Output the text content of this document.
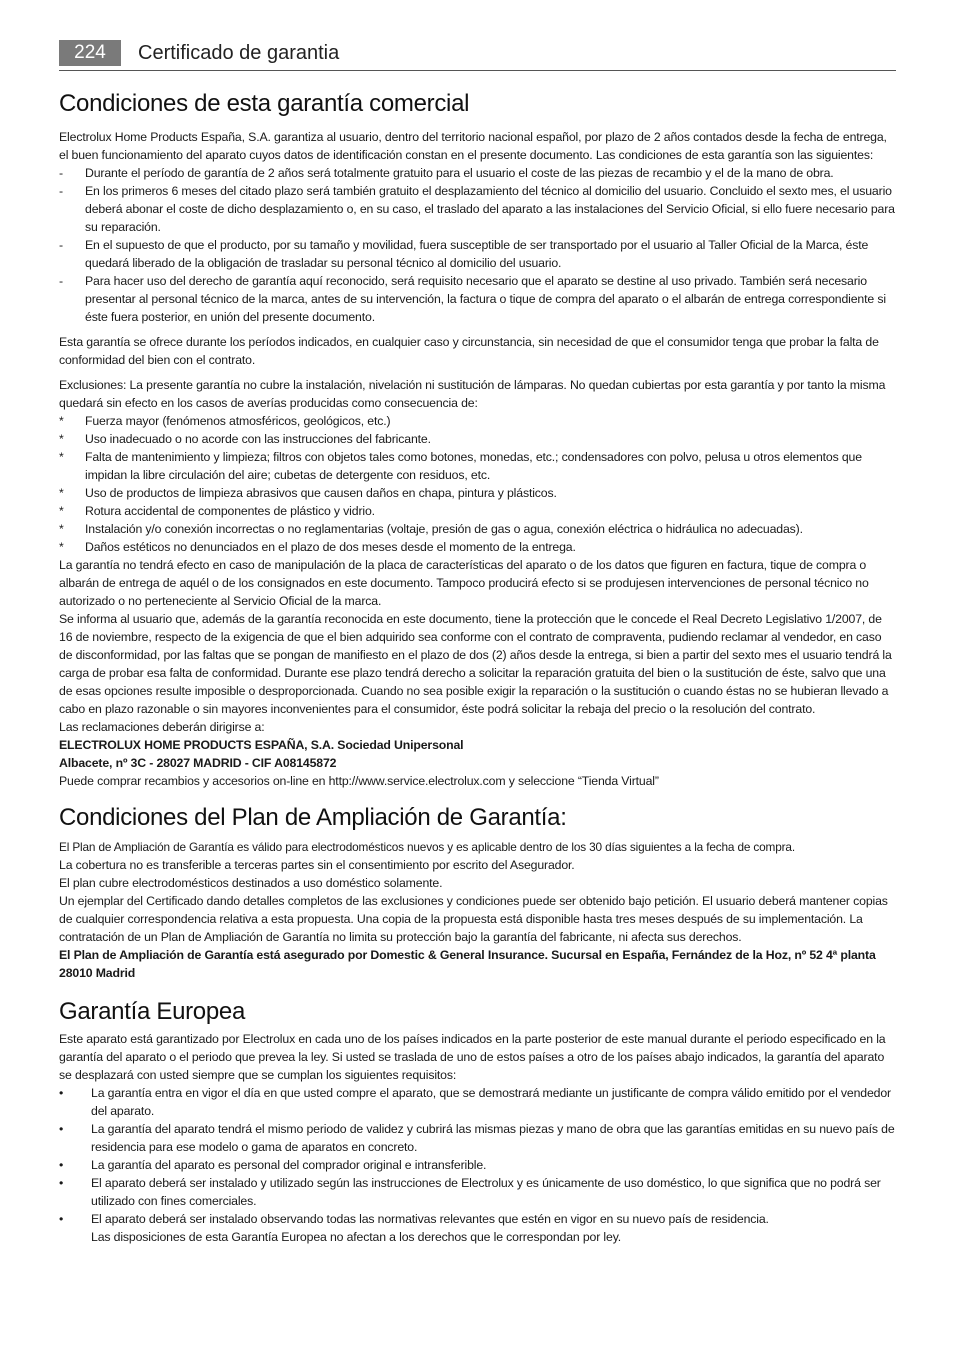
224	Certificado de garantia
Condiciones de esta garantía comercial

Electrolux Home Products España, S.A. garantiza al usuario, dentro del territorio nacional español, por plazo de 2 años contados desde la fecha de entrega, el buen funcionamiento del aparato cuyos datos de identificación constan en el presente documento. Las condiciones de esta garantía son las siguientes:

-	Durante el período de garantía de 2 años será totalmente gratuito para el usuario el coste de las piezas de recambio y el de la mano de obra.
-	En los primeros 6 meses del citado plazo será también gratuito el desplazamiento del técnico al domicilio del usuario. Concluido el sexto mes, el usuario deberá abonar el coste de dicho desplazamiento o, en su caso, el traslado del aparato a las instalaciones del Servicio Oficial, si ello fuere necesario para su reparación.
-	En el supuesto de que el producto, por su tamaño y movilidad, fuera susceptible de ser transportado por el usuario al Taller Oficial de la Marca, éste quedará liberado de la obligación de trasladar su personal técnico al domicilio del usuario.
-	Para hacer uso del derecho de garantía aquí reconocido, será requisito necesario que el aparato se destine al uso privado. También será necesario presentar al personal técnico de la marca, antes de su intervención, la factura o tique de compra del aparato o el albarán de entrega correspondiente si éste fuera posterior, en unión del presente documento.

Esta garantía se ofrece durante los períodos indicados, en cualquier caso y circunstancia, sin necesidad de que el consumidor tenga que probar la falta de conformidad del bien con el contrato.

Exclusiones: La presente garantía no cubre la instalación, nivelación ni sustitución de lámparas. No quedan cubiertas por esta garantía y por tanto la misma quedará sin efecto en los casos de averías producidas como consecuencia de:

*	Fuerza mayor (fenómenos atmosféricos, geológicos, etc.)
*	Uso inadecuado o no acorde con las instrucciones del fabricante.
*	Falta de mantenimiento y limpieza; filtros con objetos tales como botones, monedas, etc.; condensadores con polvo, pelusa u otros elementos que impidan la libre circulación del aire; cubetas de detergente con residuos, etc.
*	Uso de productos de limpieza abrasivos que causen daños en chapa, pintura y plásticos.
*	Rotura accidental de componentes de plástico y vidrio.
*	Instalación y/o conexión incorrectas o no reglamentarias (voltaje, presión de gas o agua, conexión eléctrica o hidráulica no adecuadas).
*	Daños estéticos no denunciados en el plazo de dos meses desde el momento de la entrega.

La garantía no tendrá efecto en caso de manipulación de la placa de características del aparato o de los datos que figuren en factura, tique de compra o albarán de entrega de aquél o de los consignados en este documento. Tampoco producirá efecto si se produjesen intervenciones de personal técnico no autorizado o no perteneciente al Servicio Oficial de la marca.

Se informa al usuario que, además de la garantía reconocida en este documento, tiene la protección que le concede el Real Decreto Legislativo 1/2007, de 16 de noviembre, respecto de la exigencia de que el bien adquirido sea conforme con el contrato de compraventa, pudiendo reclamar al vendedor, en caso de disconformidad, por las faltas que se pongan de manifiesto en el plazo de dos (2) años desde la entrega, si bien a partir del sexto mes el usuario tendrá la carga de probar esa falta de conformidad. Durante ese plazo tendrá derecho a solicitar la reparación gratuita del bien o la sustitución de éste, salvo que una de esas opciones resulte imposible o desproporcionada. Cuando no sea posible exigir la reparación o la sustitución o cuando éstas no se hubieran llevado a cabo en plazo razonable o sin mayores inconvenientes para el consumidor, éste podrá solicitar la rebaja del precio o la resolución del contrato.

Las reclamaciones deberán dirigirse a:

ELECTROLUX HOME PRODUCTS ESPAÑA, S.A. Sociedad Unipersonal

Albacete, nº 3C - 28027 MADRID - CIF A08145872

Puede comprar recambios y accesorios on-line en http://www.service.electrolux.com y seleccione “Tienda Virtual”

Condiciones del Plan de Ampliación de Garantía:

El Plan de Ampliación de Garantía es válido para electrodomésticos nuevos y es aplicable dentro de los 30 días siguientes a la fecha de compra.

La cobertura no es transferible a terceras partes sin el consentimiento por escrito del Asegurador.

El plan cubre electrodomésticos destinados a uso doméstico solamente.

Un ejemplar del Certificado dando detalles completos de las exclusiones y condiciones puede ser obtenido bajo petición. El usuario deberá mantener copias de cualquier correspondencia relativa a esta propuesta. Una copia de la propuesta está disponible hasta tres meses después de su implementación. La contratación de un Plan de Ampliación de Garantía no limita su protección bajo la garantía del fabricante, ni afecta sus derechos.

El Plan de Ampliación de Garantía está asegurado por Domestic & General Insurance. Sucursal en España, Fernández de la Hoz, nº 52 4ª planta 28010 Madrid

Garantía Europea

Este aparato está garantizado por Electrolux en cada uno de los países indicados en la parte posterior de este manual durante el periodo especificado en la garantía del aparato o el periodo que prevea la ley. Si usted se traslada de uno de estos países a otro de los países abajo indicados, la garantía del aparato se desplazará con usted siempre que se cumplan los siguientes requisitos:

•	La garantía entra en vigor el día en que usted compre el aparato, que se demostrará mediante un justificante de compra válido emitido por el vendedor del aparato.
•	La garantía del aparato tendrá el mismo periodo de validez y cubrirá las mismas piezas y mano de obra que las garantías emitidas en su nuevo país de residencia para ese modelo o gama de aparatos en concreto.
•	La garantía del aparato es personal del comprador original e intransferible.
•	El aparato deberá ser instalado y utilizado según las instrucciones de Electrolux y es únicamente de uso doméstico, lo que significa que no podrá ser utilizado con fines comerciales.
•	El aparato deberá ser instalado observando todas las normativas relevantes que estén en vigor en su nuevo país de residencia.

Las disposiciones de esta Garantía Europea no afectan a los derechos que le correspondan por ley.
